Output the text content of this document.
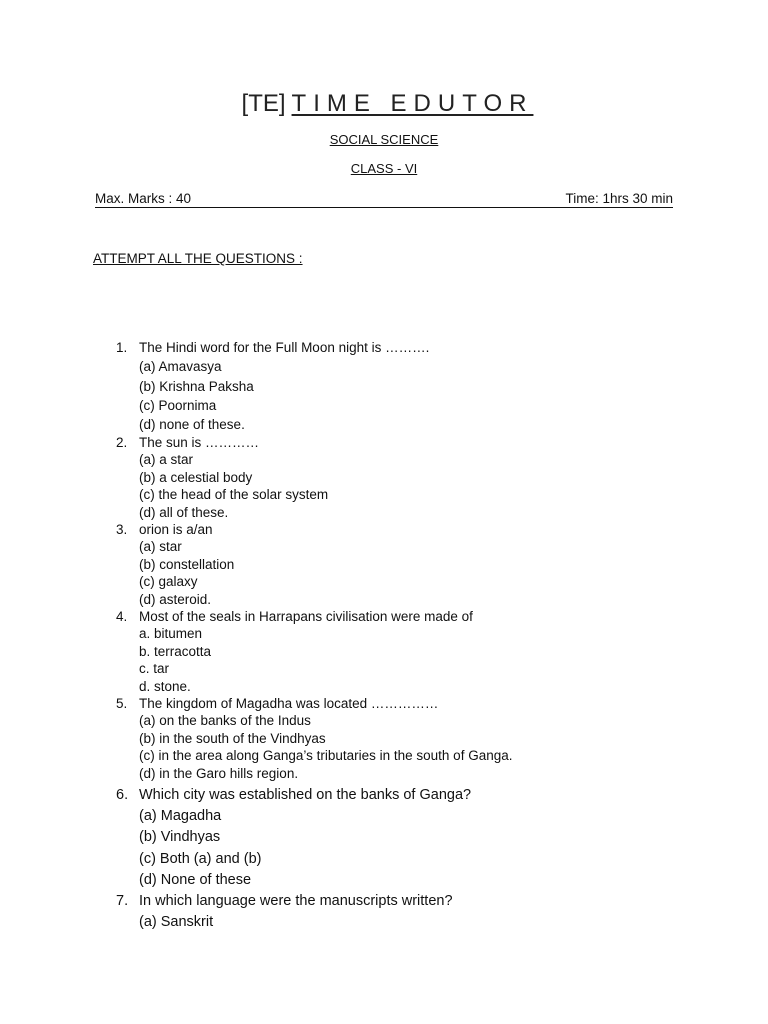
[TE] TIME EDUTOR
SOCIAL SCIENCE
CLASS - VI
Max. Marks : 40	Time: 1hrs 30 min
ATTEMPT ALL THE QUESTIONS :
1. The Hindi word for the Full Moon night is ……….
(a) Amavasya
(b) Krishna Paksha
(c) Poornima
(d) none of these.
2. The sun is …………
(a) a star
(b) a celestial body
(c) the head of the solar system
(d) all of these.
3. orion is a/an
(a) star
(b) constellation
(c) galaxy
(d) asteroid.
4. Most of the seals in Harrapans civilisation were made of
a. bitumen
b. terracotta
c. tar
d. stone.
5. The kingdom of Magadha was located ……………
(a) on the banks of the Indus
(b) in the south of the Vindhyas
(c) in the area along Ganga’s tributaries in the south of Ganga.
(d) in the Garo hills region.
6. Which city was established on the banks of Ganga?
(a) Magadha
(b) Vindhyas
(c) Both (a) and (b)
(d) None of these
7. In which language were the manuscripts written?
(a) Sanskrit
